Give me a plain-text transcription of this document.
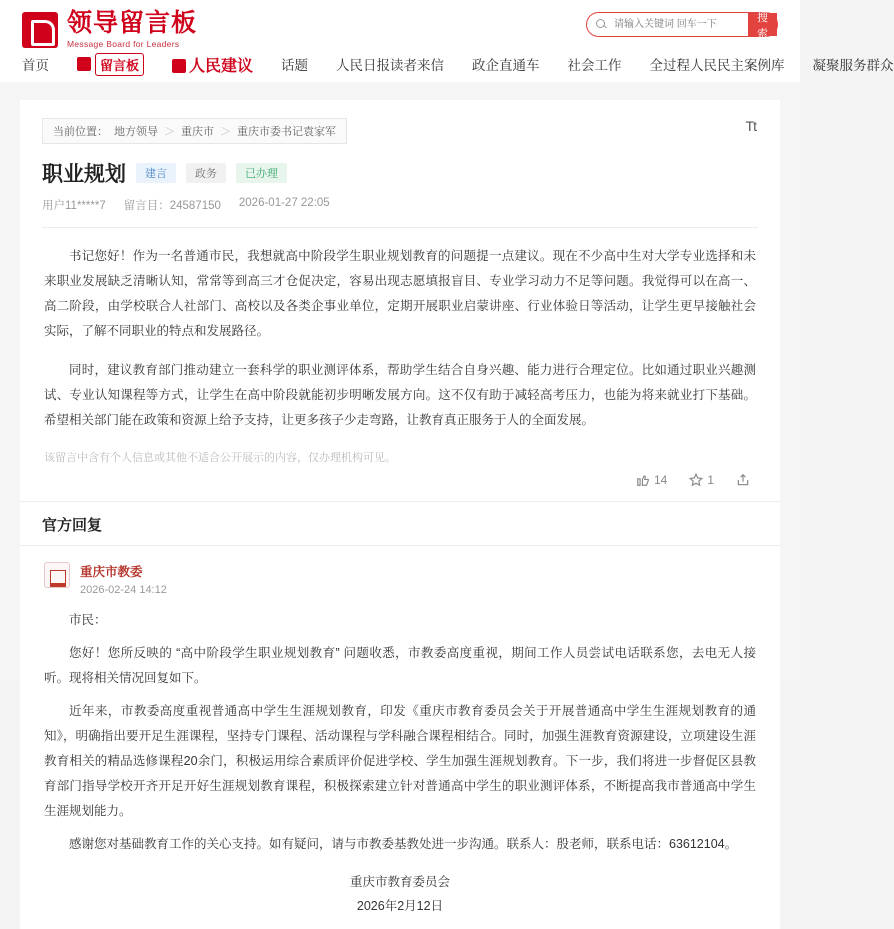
领导留言板
Message Board for Leaders
请输入关键词 回车一下
搜索
首页	留言板	人民建议 话题 人民日报读者来信 政企直通车 社会工作 全过程人民民主案例库 凝聚服务群众
当前位置： 地方领导 ＞ 重庆市 ＞ 重庆市委书记袁家军	Tt
职业规划	建言	政务	已办理
用户11*****7 留言目：24587150 2026-01-27 22:05

书记您好！作为一名普通市民，我想就高中阶段学生职业规划教育的问题提一点建议。现在不少高中生对大学专业选择和未来职业发展缺乏清晰认知，常常等到高三才仓促决定，容易出现志愿填报盲目、专业学习动力不足等问题。我觉得可以在高一、高二阶段，由学校联合人社部门、高校以及各类企事业单位，定期开展职业启蒙讲座、行业体验日等活动，让学生更早接触社会实际，了解不同职业的特点和发展路径。

同时，建议教育部门推动建立一套科学的职业测评体系，帮助学生结合自身兴趣、能力进行合理定位。比如通过职业兴趣测试、专业认知课程等方式，让学生在高中阶段就能初步明晰发展方向。这不仅有助于减轻高考压力，也能为将来就业打下基础。希望相关部门能在政策和资源上给予支持，让更多孩子少走弯路，让教育真正服务于人的全面发展。

该留言中含有个人信息或其他不适合公开展示的内容，仅办理机构可见。
14	1
官方回复
重庆市教委
2026-02-24 14:12

市民：

您好！您所反映的 “高中阶段学生职业规划教育” 问题收悉，市教委高度重视，期间工作人员尝试电话联系您，去电无人接听。现将相关情况回复如下。

近年来，市教委高度重视普通高中学生生涯规划教育，印发《重庆市教育委员会关于开展普通高中学生生涯规划教育的通知》，明确指出要开足生涯课程，坚持专门课程、活动课程与学科融合课程相结合。同时，加强生涯教育资源建设，立项建设生涯教育相关的精品选修课程20余门，积极运用综合素质评价促进学校、学生加强生涯规划教育。下一步，我们将进一步督促区县教育部门指导学校开齐开足开好生涯规划教育课程，积极探索建立针对普通高中学生的职业测评体系，不断提高我市普通高中学生生涯规划能力。

感谢您对基础教育工作的关心支持。如有疑问，请与市教委基教处进一步沟通。联系人：殷老师，联系电话：63612104。

重庆市教育委员会
2026年2月12日
